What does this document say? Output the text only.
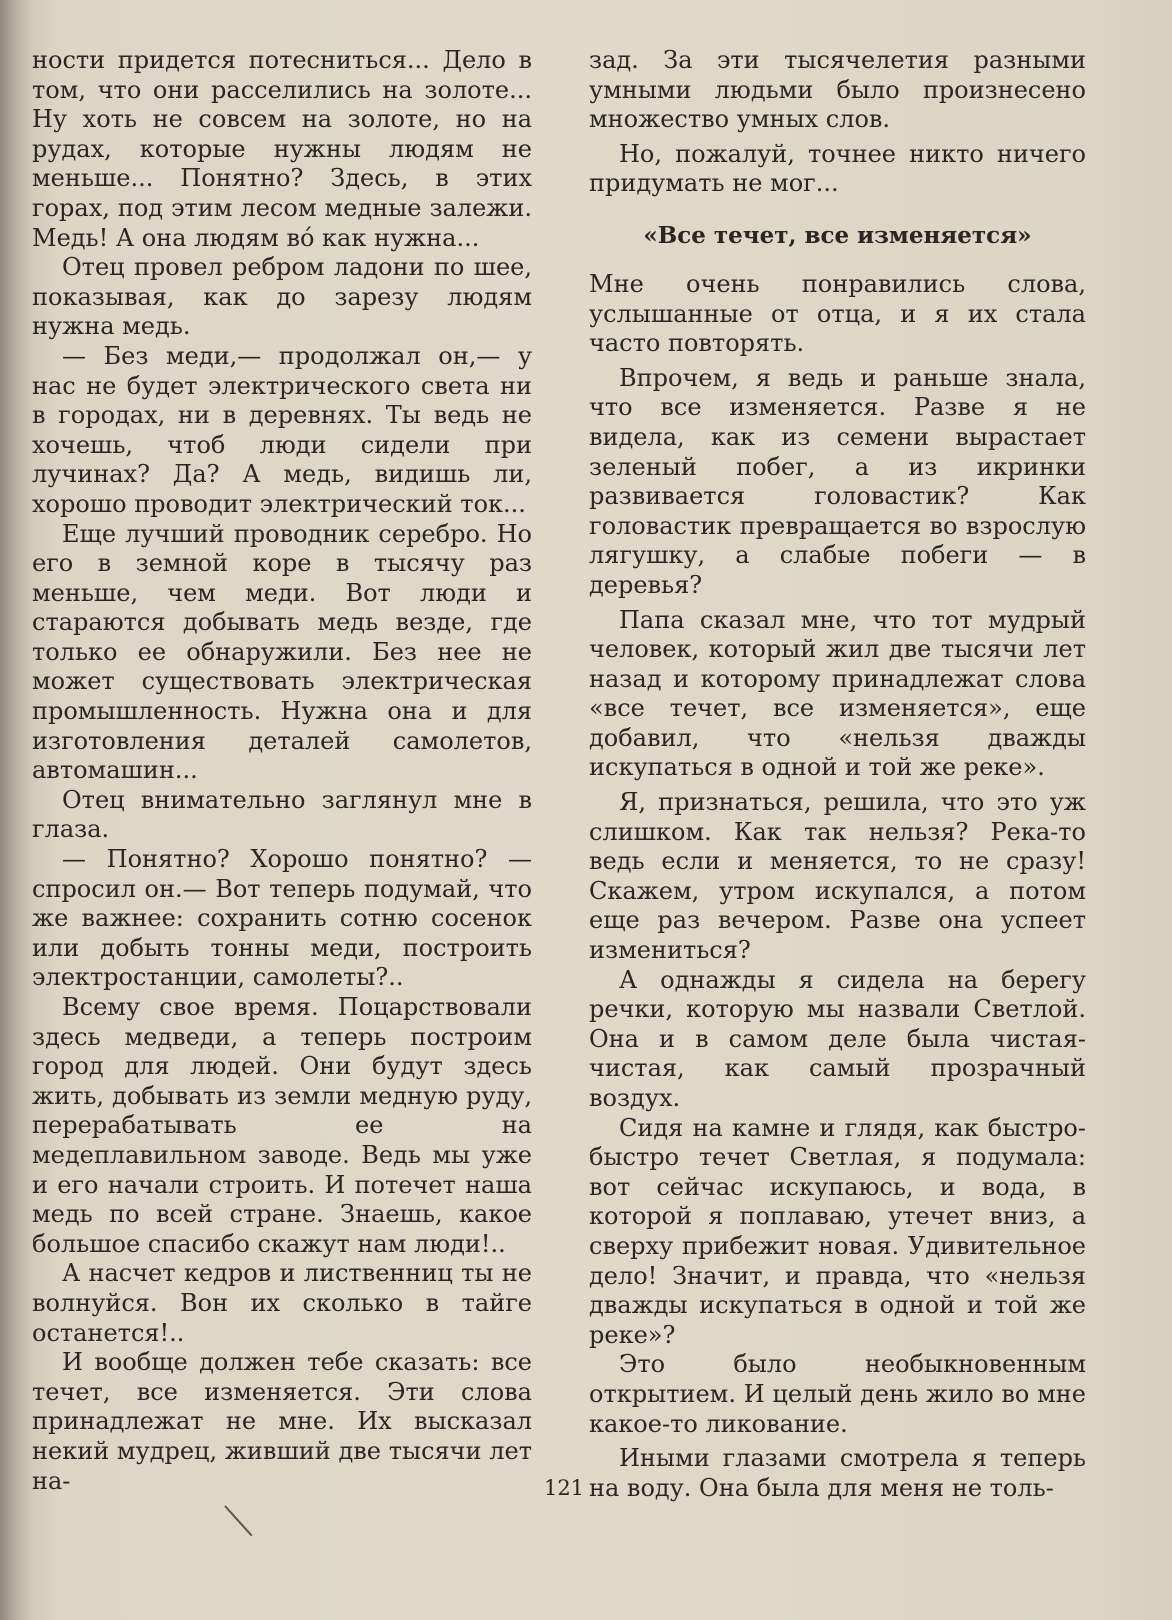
ности придется потесниться... Дело в том, что они расселились на золоте... Ну хоть не совсем на золоте, но на рудах, которые нужны людям не меньше... Понятно? Здесь, в этих горах, под этим лесом медные залежи. Медь! А она людям во́ как нужна...

Отец провел ребром ладони по шее, показывая, как до зарезу людям нужна медь.

— Без меди,— продолжал он,— у нас не будет электрического света ни в городах, ни в деревнях. Ты ведь не хочешь, чтоб люди сидели при лучинах? Да? А медь, видишь ли, хорошо проводит электрический ток...

Еще лучший проводник серебро. Но его в земной коре в тысячу раз меньше, чем меди. Вот люди и стараются добывать медь везде, где только ее обнаружили. Без нее не может существовать электрическая промышленность. Нужна она и для изготовления деталей самолетов, автомашин...

Отец внимательно заглянул мне в глаза.

— Понятно? Хорошо понятно? — спросил он.— Вот теперь подумай, что же важнее: сохранить сотню сосенок или добыть тонны меди, построить электростанции, самолеты?..

Всему свое время. Поцарствовали здесь медведи, а теперь построим город для людей. Они будут здесь жить, добывать из земли медную руду, перерабатывать ее на медеплавильном заводе. Ведь мы уже и его начали строить. И потечет наша медь по всей стране. Знаешь, какое большое спасибо скажут нам люди!..

А насчет кедров и лиственниц ты не волнуйся. Вон их сколько в тайге останется!..

И вообще должен тебе сказать: все течет, все изменяется. Эти слова принадлежат не мне. Их высказал некий мудрец, живший две тысячи лет на-

зад. За эти тысячелетия разными умными людьми было произнесено множество умных слов.

Но, пожалуй, точнее никто ничего придумать не мог...

«Все течет, все изменяется»

Мне очень понравились слова, услышанные от отца, и я их стала часто повторять.

Впрочем, я ведь и раньше знала, что все изменяется. Разве я не видела, как из семени вырастает зеленый побег, а из икринки развивается головастик? Как головастик превращается во взрослую лягушку, а слабые побеги — в деревья?

Папа сказал мне, что тот мудрый человек, который жил две тысячи лет назад и которому принадлежат слова «все течет, все изменяется», еще добавил, что «нельзя дважды искупаться в одной и той же реке».

Я, признаться, решила, что это уж слишком. Как так нельзя? Река-то ведь если и меняется, то не сразу! Скажем, утром искупался, а потом еще раз вечером. Разве она успеет измениться?

А однажды я сидела на берегу речки, которую мы назвали Светлой. Она и в самом деле была чистая-чистая, как самый прозрачный воздух.

Сидя на камне и глядя, как быстро-быстро течет Светлая, я подумала: вот сейчас искупаюсь, и вода, в которой я поплаваю, утечет вниз, а сверху прибежит новая. Удивительное дело! Значит, и правда, что «нельзя дважды искупаться в одной и той же реке»?

Это было необыкновенным открытием. И целый день жило во мне какое-то ликование.

Иными глазами смотрела я теперь на воду. Она была для меня не толь-

121
